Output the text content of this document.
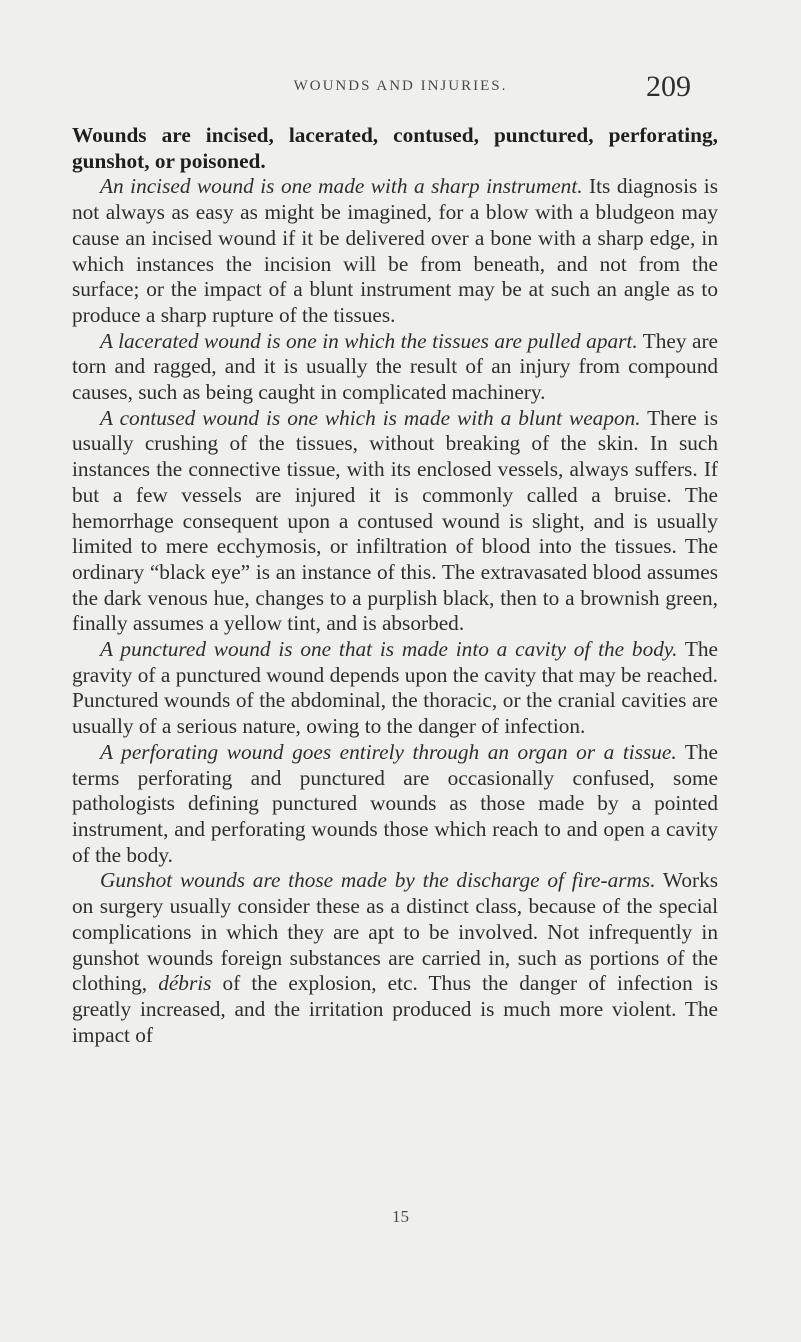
WOUNDS AND INJURIES.	209

Wounds are incised, lacerated, contused, punctured, perforating, gunshot, or poisoned.

An incised wound is one made with a sharp instrument. Its diagnosis is not always as easy as might be imagined, for a blow with a bludgeon may cause an incised wound if it be delivered over a bone with a sharp edge, in which instances the incision will be from beneath, and not from the surface; or the impact of a blunt instrument may be at such an angle as to produce a sharp rupture of the tissues.

A lacerated wound is one in which the tissues are pulled apart. They are torn and ragged, and it is usually the result of an injury from compound causes, such as being caught in complicated machinery.

A contused wound is one which is made with a blunt weapon. There is usually crushing of the tissues, without breaking of the skin. In such instances the connective tissue, with its enclosed vessels, always suffers. If but a few vessels are injured it is commonly called a bruise. The hemorrhage consequent upon a contused wound is slight, and is usually limited to mere ecchymosis, or infiltration of blood into the tissues. The ordinary “black eye” is an instance of this. The extravasated blood assumes the dark venous hue, changes to a purplish black, then to a brownish green, finally assumes a yellow tint, and is absorbed.

A punctured wound is one that is made into a cavity of the body. The gravity of a punctured wound depends upon the cavity that may be reached. Punctured wounds of the abdominal, the thoracic, or the cranial cavities are usually of a serious nature, owing to the danger of infection.

A perforating wound goes entirely through an organ or a tissue. The terms perforating and punctured are occasionally confused, some pathologists defining punctured wounds as those made by a pointed instrument, and perforating wounds those which reach to and open a cavity of the body.

Gunshot wounds are those made by the discharge of fire-arms. Works on surgery usually consider these as a distinct class, because of the special complications in which they are apt to be involved. Not infrequently in gunshot wounds foreign substances are carried in, such as portions of the clothing, débris of the explosion, etc. Thus the danger of infection is greatly increased, and the irritation produced is much more violent. The impact of

15
